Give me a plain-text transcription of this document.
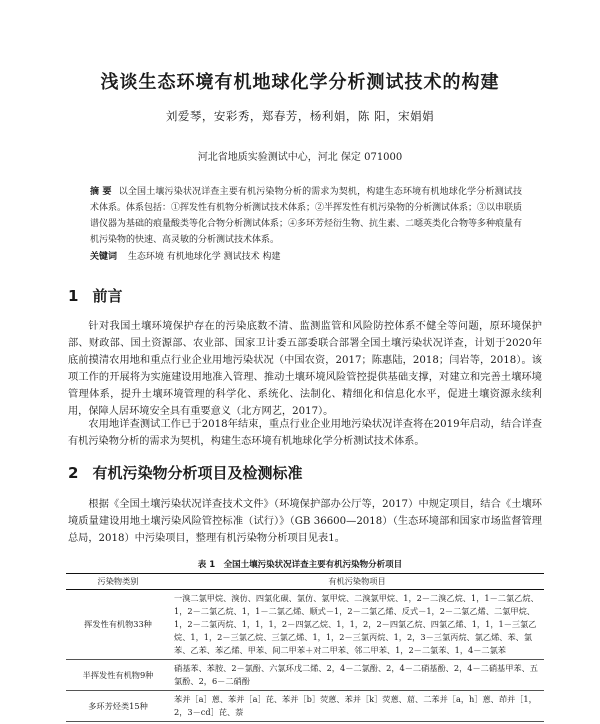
浅谈生态环境有机地球化学分析测试技术的构建
刘爱琴，安彩秀，郑春芳，杨利娟，陈 阳，宋娟娟
河北省地质实验测试中心，河北 保定 071000
摘 要 以全国土壤污染状况详查主要有机污染物分析的需求为契机，构建生态环境有机地球化学分析测试技术体系。体系包括：①挥发性有机物分析测试技术体系；②半挥发性有机污染物的分析测试体系；③以串联质谱仪器为基础的痕量酸类等化合物分析测试体系；④多环芳烃衍生物、抗生素、二噁英类化合物等多种痕量有机污染物的快速、高灵敏的分析测试技术体系。
关键词 生态环境 有机地球化学 测试技术 构建
1 前言
针对我国土壤环境保护存在的污染底数不清、监测监管和风险防控体系不健全等问题，原环境保护部、财政部、国土资源部、农业部、国家卫计委五部委联合部署全国土壤污染状况详查，计划于2020年底前摸清农用地和重点行业企业用地污染状况（中国农资，2017；陈惠陆，2018；闫岩等，2018）。该项工作的开展将为实施建设用地准入管理、推动土壤环境风险管控提供基础支撑，对建立和完善土壤环境管理体系，提升土壤环境管理的科学化、系统化、法制化、精细化和信息化水平，促进土壤资源永续利用，保障人居环境安全具有重要意义（北方网艺，2017）。
农用地详查测试工作已于2018年结束，重点行业企业用地污染状况详查将在2019年启动，结合详查有机污染物分析的需求为契机，构建生态环境有机地球化学分析测试技术体系。
2 有机污染物分析项目及检测标准
根据《全国土壤污染状况详查技术文件》（环境保护部办公厅等，2017）中规定项目，结合《土壤环境质量建设用地土壤污染风险管控标准（试行）》（GB 36600—2018）（生态环境部和国家市场监督管理总局，2018）中污染项目，整理有机污染物分析项目见表1。
表 1　全国土壤污染状况详查主要有机污染物分析项目
污染物类别	有机污染物项目
挥发性有机物33种	一溴二氯甲烷、溴仿、四氯化碳、氯仿、氯甲烷、二溴氯甲烷、1，2－二溴乙烷、1，1－二氯乙烷、1，2－二氯乙烷、1，1－二氯乙烯、顺式－1，2－二氯乙烯、反式－1，2－二氯乙烯、二氯甲烷、1，2－二氯丙烷、1，1，1，2－四氯乙烷、1，1，2，2－四氯乙烷、四氯乙烯、1，1，1－三氯乙烷、1，1，2－三氯乙烷、三氯乙烯、1，1，2－三氯丙烷、1，2，3－三氯丙烷、氯乙烯、苯、氯苯、乙苯、苯乙烯、甲苯、间二甲苯＋对二甲苯、邻二甲苯、1，2－二氯苯、1，4－二氯苯
半挥发性有机物9种	硝基苯、苯胺、2－氯酚、六氯环戊二烯、2，4－二氯酚、2，4－二硝基酚、2，4－二硝基甲苯、五氯酚、2，6－二硝酚
多环芳烃类15种	苯并［a］蒽、苯并［a］芘、苯并［b］荧蒽、苯并［k］荧蒽、䓛、二苯并［a，h］蒽、茚并［1，2，3－cd］芘、萘
